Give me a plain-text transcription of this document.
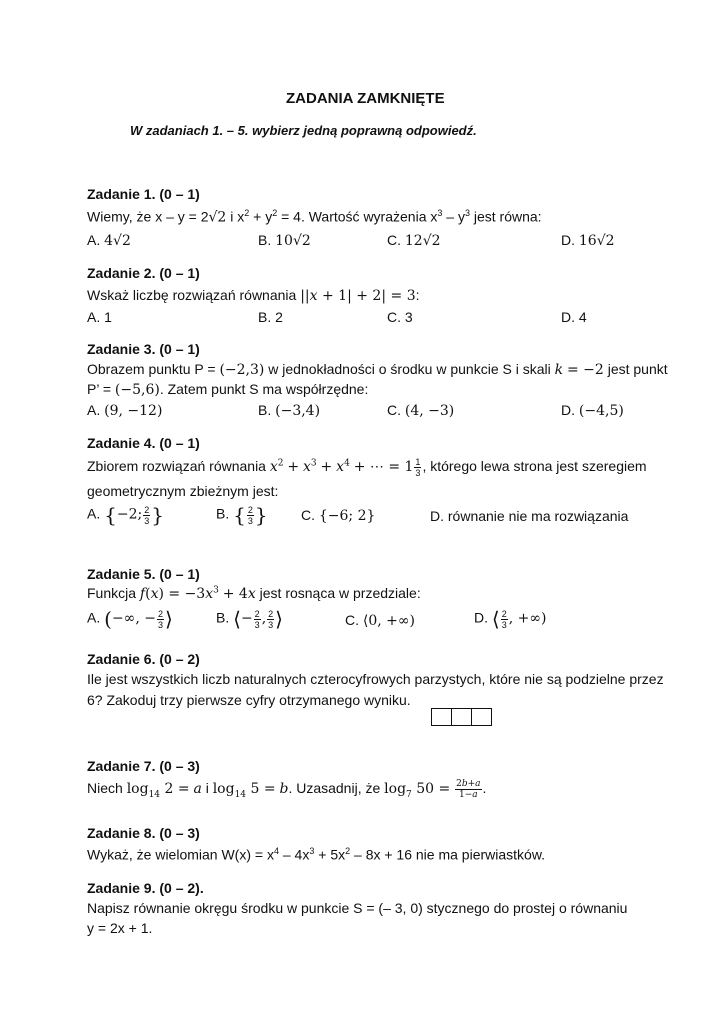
ZADANIA ZAMKNIĘTE
W zadaniach 1. – 5. wybierz jedną poprawną odpowiedź.
Zadanie 1. (0 – 1)
Wiemy, że x – y = 2√2 i $x^2 + y^2 = 4$. Wartość wyrażenia $x^3 - y^3$ jest równa:
A. 4√2	B. 10√2	C. 12√2	D. 16√2
Zadanie 2. (0 – 1)
Wskaż liczbę rozwiązań równania ||x + 1| + 2| = 3:
A. 1	B. 2	C. 3	D. 4
Zadanie 3. (0 – 1)
Obrazem punktu P = (−2,3) w jednokładności o środku w punkcie S i skali k = −2 jest punkt
P’ = (−5,6). Zatem punkt S ma współrzędne:
A. (9, −12)	B. (−3,4)	C. (4, −3)	D. (−4,5)
Zadanie 4. (0 – 1)
Zbiorem rozwiązań równania $x^2 + x^3 + x^4$ + ⋯ = $1 \frac{1}{3}$ , którego lewa strona jest szeregiem
geometrycznym zbieżnym jest:
A. {−2; $\frac{2}{3}$ }	B. { $\frac{2}{3}$ } C. {−6; 2}	D. równanie nie ma rozwiązania
Zadanie 5. (0 – 1)
Funkcja $f(x) = -3x^3 + 4x$ jest rosnąca w przedziale:
A. (−∞, − $\frac{2}{3}$ ⟩	B. ⟨− $\frac{2}{3}$ , $\frac{2}{3}$ ⟩	C. ⟨0, +∞)	D. ⟨ $\frac{2}{3}$ , +∞)
Zadanie 6. (0 – 2)
Ile jest wszystkich liczb naturalnych czterocyfrowych parzystych, które nie są podzielne przez
6? Zakoduj trzy pierwsze cyfry otrzymanego wyniku.
Zadanie 7. (0 – 3)
Niech $\log_{14} 2 = a$ i $\log_{14} 5 = b$. Uzasadnij, że $\log_7 50 = \frac{2b+a}{1-a}$ .
Zadanie 8. (0 – 3)
Wykaż, że wielomian $W(x) = x^4 - 4x^3 + 5x^2 - 8x + 16$ nie ma pierwiastków.
Zadanie 9. (0 – 2).
Napisz równanie okręgu środku w punkcie S = (– 3, 0) stycznego do prostej o równaniu
y = 2x + 1.
